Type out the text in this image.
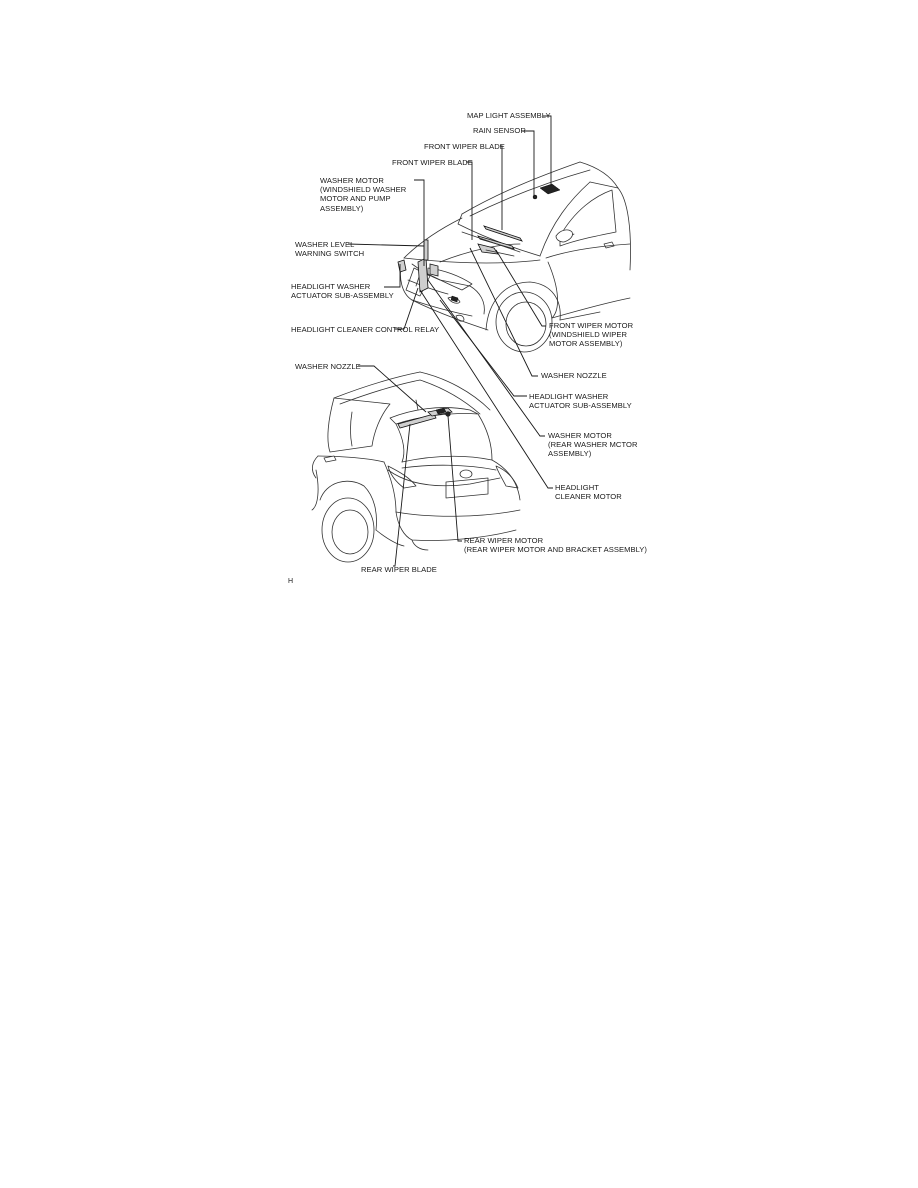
MAP LIGHT ASSEMBLY
RAIN SENSOR
FRONT WIPER BLADE
FRONT WIPER BLADE
WASHER MOTOR
(WINDSHIELD WASHER
MOTOR AND PUMP
ASSEMBLY)
WASHER LEVEL
WARNING SWITCH
HEADLIGHT WASHER
ACTUATOR SUB-ASSEMBLY
HEADLIGHT CLEANER CONTROL RELAY	FRONT WIPER MOTOR
(WINDSHIELD WIPER
MOTOR ASSEMBLY)
WASHER NOZZLE
WASHER NOZZLE
HEADLIGHT WASHER
ACTUATOR SUB-ASSEMBLY
WASHER MOTOR
(REAR WASHER MCTOR
ASSEMBLY)
HEADLIGHT
CLEANER MOTOR
REAR WIPER MOTOR
(REAR WIPER MOTOR AND BRACKET ASSEMBLY)
REAR WIPER BLADE
H
